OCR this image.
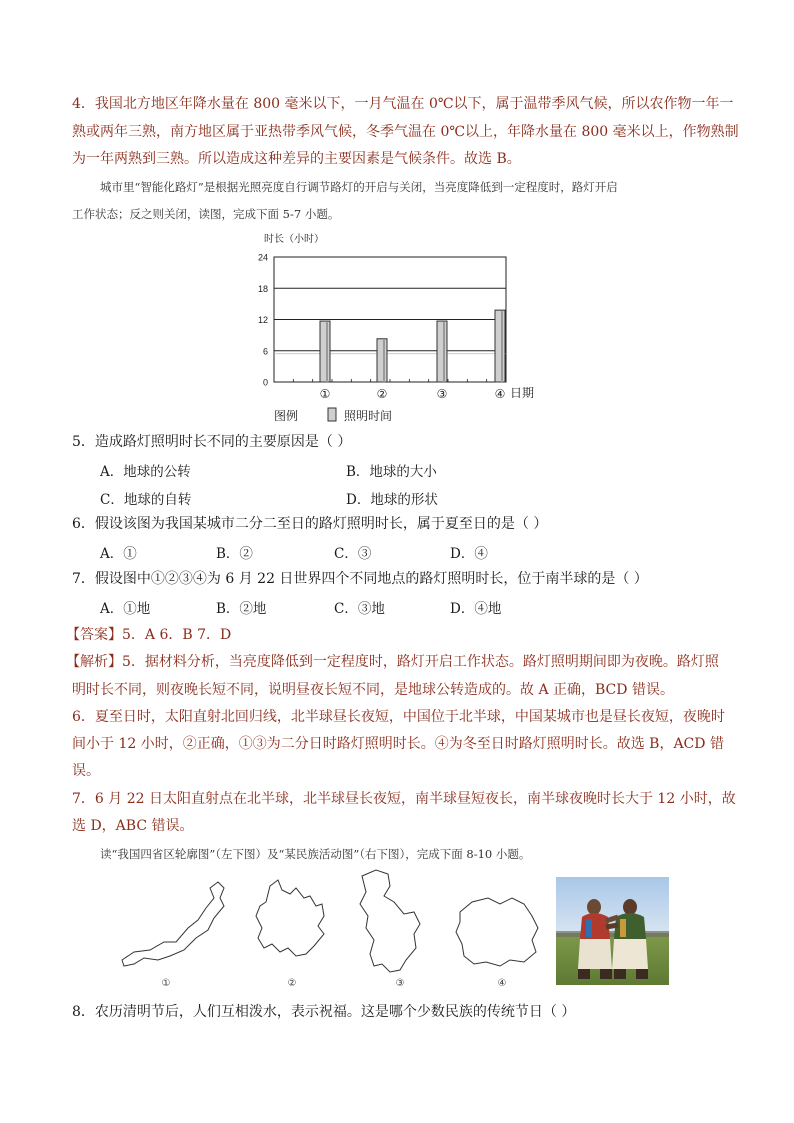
4．我国北方地区年降水量在 800 毫米以下，一月气温在 0℃以下，属于温带季风气候，所以农作物一年一
熟或两年三熟，南方地区属于亚热带季风气候，冬季气温在 0℃以上，年降水量在 800 毫米以上，作物熟制
为一年两熟到三熟。所以造成这种差异的主要因素是气候条件。故选 B。
城市里“智能化路灯”是根据光照亮度自行调节路灯的开启与关闭，当亮度降低到一定程度时，路灯开启
工作状态；反之则关闭，读图，完成下面 5-7 小题。
时长（小时）
24
18
12
6
0
①	②	③	④ 日期
图例	照明时间
5．造成路灯照明时长不同的主要原因是（ ）
A．地球的公转	B．地球的大小
C．地球的自转	D．地球的形状
6．假设该图为我国某城市二分二至日的路灯照明时长，属于夏至日的是（ ）
A．①	B．②	C．③	D．④
7．假设图中①②③④为 6 月 22 日世界四个不同地点的路灯照明时长，位于南半球的是（ ）
A．①地	B．②地	C．③地	D．④地
【答案】5．A 6．B 7．D
【解析】5．据材料分析，当亮度降低到一定程度时，路灯开启工作状态。路灯照明期间即为夜晚。路灯照
明时长不同，则夜晚长短不同，说明昼夜长短不同，是地球公转造成的。故 A 正确，BCD 错误。
6．夏至日时，太阳直射北回归线，北半球昼长夜短，中国位于北半球，中国某城市也是昼长夜短，夜晚时
间小于 12 小时，②正确，①③为二分日时路灯照明时长。④为冬至日时路灯照明时长。故选 B，ACD 错
误。
7．6 月 22 日太阳直射点在北半球，北半球昼长夜短，南半球昼短夜长，南半球夜晚时长大于 12 小时，故
选 D，ABC 错误。
读“我国四省区轮廓图”（左下图）及“某民族活动图”（右下图），完成下面 8-10 小题。
①	②	③	④
8．农历清明节后，人们互相泼水，表示祝福。这是哪个少数民族的传统节日（ ）
